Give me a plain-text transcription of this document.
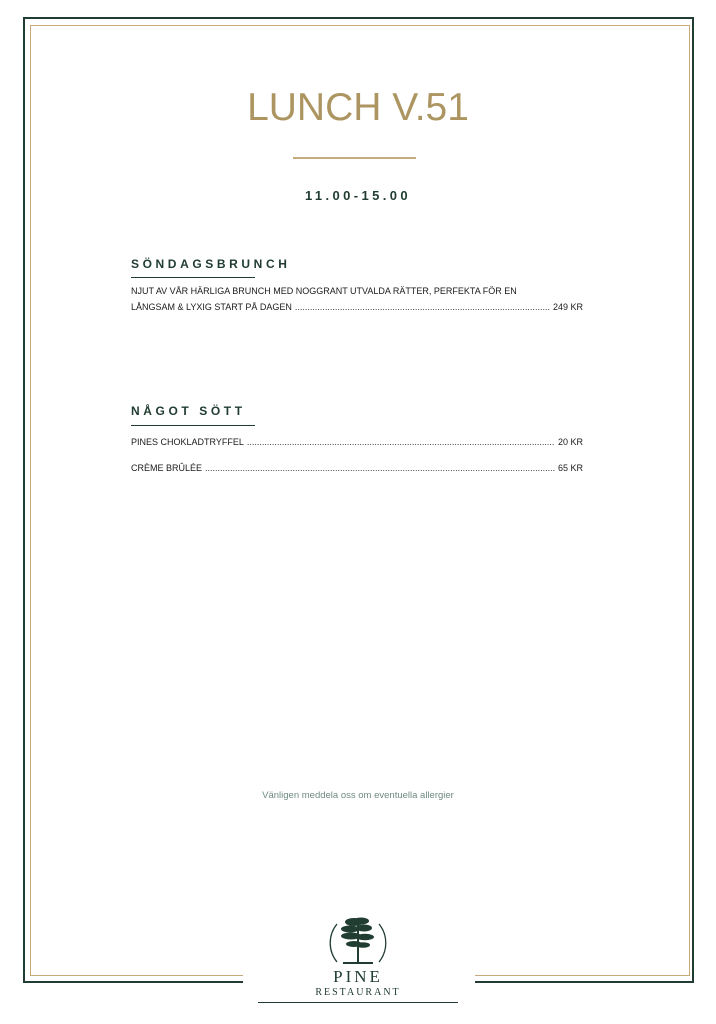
LUNCH V.51
11.00-15.00
SÖNDAGSBRUNCH
NJUT AV VÅR HÄRLIGA BRUNCH MED NOGGRANT UTVALDA RÄTTER, PERFEKTA FÖR EN
LÅNGSAM & LYXIG START PÅ DAGEN .....	249 KR
NÅGOT SÖTT
PINES CHOKLADTRYFFEL .....	20 KR
CRÈME BRÛLÉE .....	65 KR
Vänligen meddela oss om eventuella allergier
PINE
RESTAURANT
